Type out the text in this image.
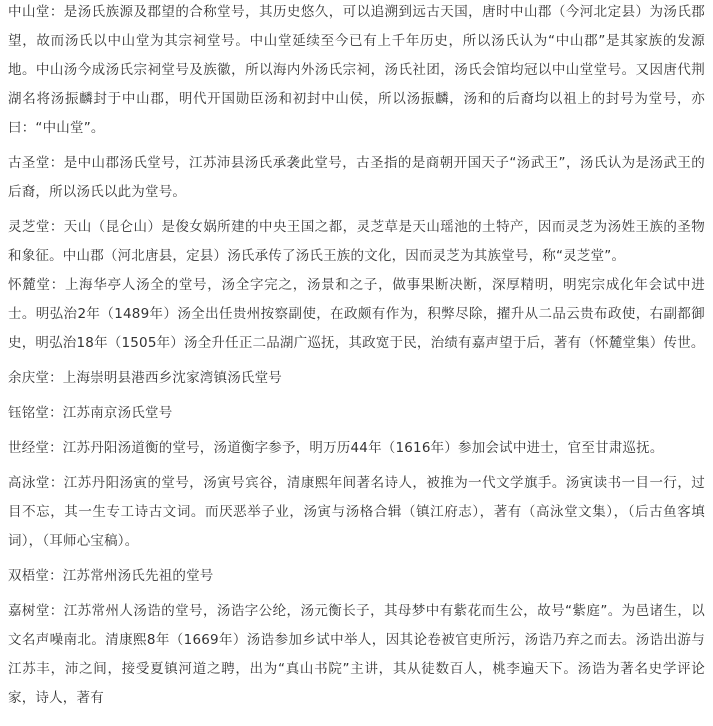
中山堂：是汤氏族源及郡望的合称堂号，其历史悠久，可以追溯到远古天国，唐时中山郡（今河北定县）为汤氏郡望，故而汤氏以中山堂为其宗祠堂号。中山堂延续至今已有上千年历史，所以汤氏认为“中山郡”是其家族的发源地。中山汤今成汤氏宗祠堂号及族徽，所以海内外汤氏宗祠，汤氏社团，汤氏会馆均冠以中山堂堂号。又因唐代荆湖名将汤振麟封于中山郡，明代开国勋臣汤和初封中山侯，所以汤振麟，汤和的后裔均以祖上的封号为堂号，亦曰：“中山堂”。

古圣堂：是中山郡汤氏堂号，江苏沛县汤氏承袭此堂号，古圣指的是商朝开国天子“汤武王”，汤氏认为是汤武王的后裔，所以汤氏以此为堂号。

灵芝堂：天山（昆仑山）是俊女娲所建的中央王国之都，灵芝草是天山瑶池的土特产，因而灵芝为汤姓王族的圣物和象征。中山郡（河北唐县，定县）汤氏承传了汤氏王族的文化，因而灵芝为其族堂号，称“灵芝堂”。

怀麓堂：上海华亭人汤全的堂号，汤全字完之，汤景和之子，做事果断决断，深厚精明，明宪宗成化年会试中进士。明弘治2年（1489年）汤全出任贵州按察副使，在政颇有作为，积弊尽除，擢升从二品云贵布政使，右副都御史，明弘治18年（1505年）汤全升任正二品湖广巡抚，其政宽于民，治绩有嘉声望于后，著有（怀麓堂集）传世。

余庆堂：上海崇明县港西乡沈家湾镇汤氏堂号

钰铭堂：江苏南京汤氏堂号

世经堂：江苏丹阳汤道衡的堂号，汤道衡字参予，明万历44年（1616年）参加会试中进士，官至甘肃巡抚。

高泳堂：江苏丹阳汤寅的堂号，汤寅号宾谷，清康熙年间著名诗人，被推为一代文学旗手。汤寅读书一目一行，过目不忘，其一生专工诗古文词。而厌恶举子业，汤寅与汤格合辑（镇江府志），著有（高泳堂文集），（后古鱼客填词），（耳师心宝稿）。

双梧堂：江苏常州汤氏先祖的堂号

嘉树堂：江苏常州人汤诰的堂号，汤诰字公纶，汤元衡长子，其母梦中有紫花而生公，故号“紫庭”。为邑诸生，以文名声噪南北。清康熙8年（1669年）汤诰参加乡试中举人，因其论卷被官吏所污，汤诰乃弃之而去。汤诰出游与江苏丰，沛之间，接受夏镇河道之聘，出为“真山书院”主讲，其从徒数百人，桃李遍天下。汤诰为著名史学评论家，诗人，著有
